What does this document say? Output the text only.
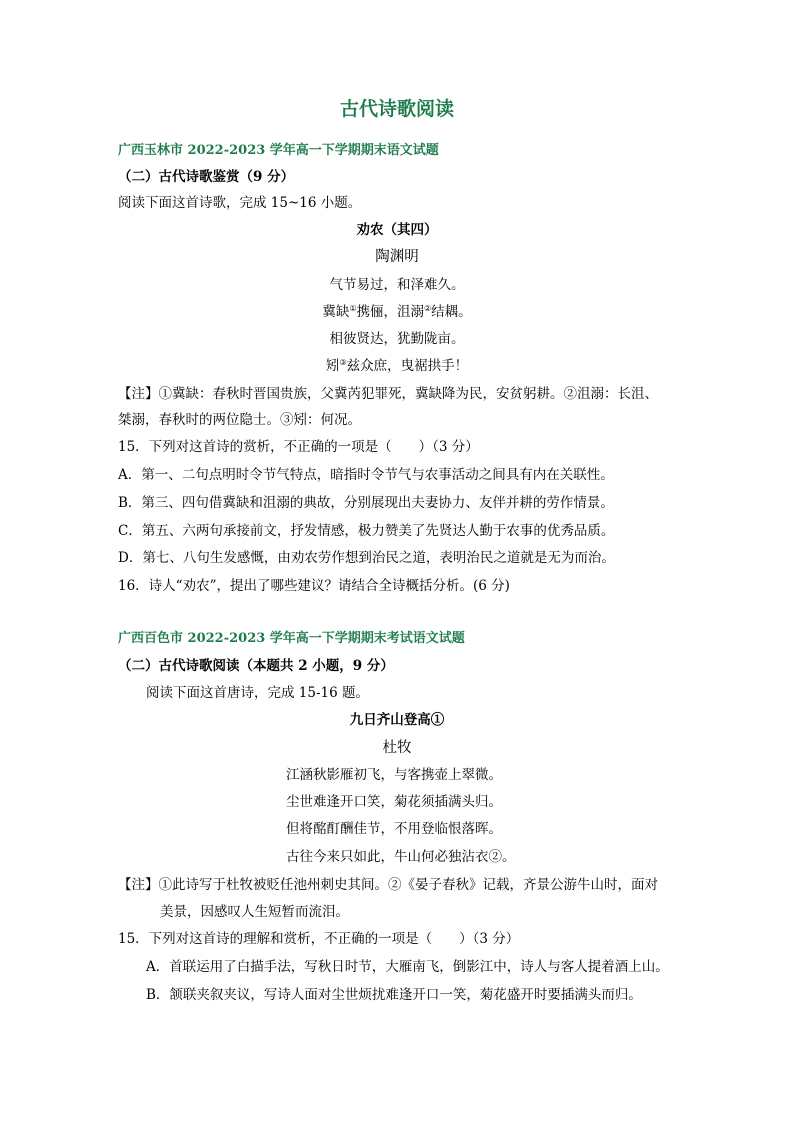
古代诗歌阅读
广西玉林市 2022-2023 学年高一下学期期末语文试题
（二）古代诗歌鉴赏（9 分）
阅读下面这首诗歌，完成 15~16 小题。
劝农（其四）
陶渊明
气节易过，和泽难久。
冀缺①携俪，沮溺②结耦。
相彼贤达，犹勤陇亩。
矧③兹众庶，曳裾拱手！
【注】①冀缺：春秋时晋国贵族，父冀芮犯罪死，冀缺降为民，安贫躬耕。②沮溺：长沮、
桀溺，春秋时的两位隐士。③矧：何况。
15．下列对这首诗的赏析，不正确的一项是（　　）（3 分）
A．第一、二句点明时令节气特点，暗指时令节气与农事活动之间具有内在关联性。
B．第三、四句借冀缺和沮溺的典故，分别展现出夫妻协力、友伴并耕的劳作情景。
C．第五、六两句承接前文，抒发情感，极力赞美了先贤达人勤于农事的优秀品质。
D．第七、八句生发感慨，由劝农劳作想到治民之道，表明治民之道就是无为而治。
16．诗人“劝农”，提出了哪些建议？请结合全诗概括分析。(6 分)
广西百色市 2022-2023 学年高一下学期期末考试语文试题
（二）古代诗歌阅读（本题共 2 小题，9 分）
阅读下面这首唐诗，完成 15-16 题。
九日齐山登高①
杜牧
江涵秋影雁初飞，与客携壶上翠微。
尘世难逢开口笑，菊花须插满头归。
但将酩酊酬佳节，不用登临恨落晖。
古往今来只如此，牛山何必独沾衣②。
【注】①此诗写于杜牧被贬任池州刺史其间。②《晏子春秋》记载，齐景公游牛山时，面对
美景，因感叹人生短暂而流泪。
15．下列对这首诗的理解和赏析，不正确的一项是（　　）（3 分）
A．首联运用了白描手法，写秋日时节，大雁南飞，倒影江中，诗人与客人提着酒上山。
B．颔联夹叙夹议，写诗人面对尘世烦扰难逢开口一笑，菊花盛开时要插满头而归。
